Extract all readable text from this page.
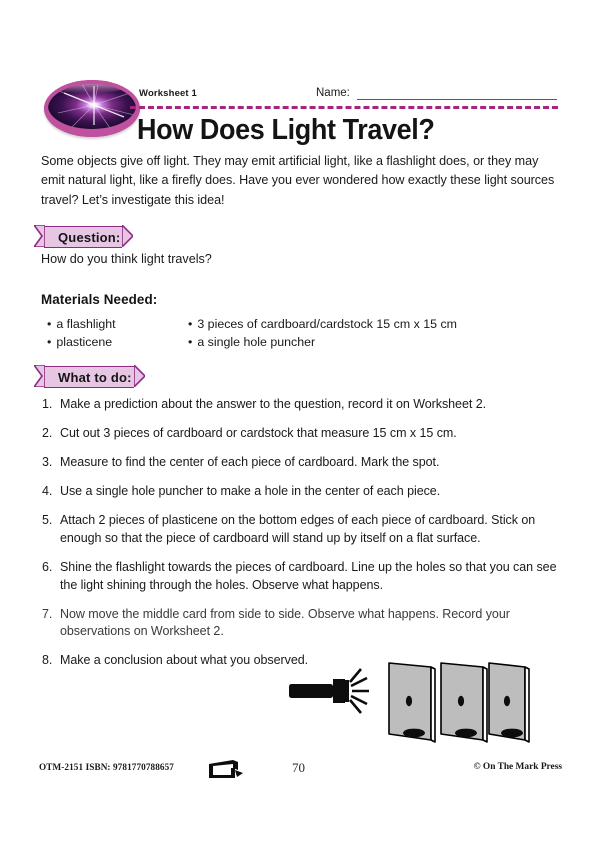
Worksheet 1	Name:
How Does Light Travel?
Some objects give off light. They may emit artificial light, like a flashlight does, or they may emit natural light, like a firefly does. Have you ever wondered how exactly these light sources travel? Let’s investigate this idea!
Question:
How do you think light travels?
Materials Needed:
• a flashlight
• plasticene
• 3 pieces of cardboard/cardstock 15 cm x 15 cm
• a single hole puncher
What to do:
1. Make a prediction about the answer to the question, record it on Worksheet 2.
2. Cut out 3 pieces of cardboard or cardstock that measure 15 cm x 15 cm.
3. Measure to find the center of each piece of cardboard. Mark the spot.
4. Use a single hole puncher to make a hole in the center of each piece.
5. Attach 2 pieces of plasticene on the bottom edges of each piece of cardboard. Stick on enough so that the piece of cardboard will stand up by itself on a flat surface.
6. Shine the flashlight towards the pieces of cardboard. Line up the holes so that you can see the light shining through the holes. Observe what happens.
7. Now move the middle card from side to side. Observe what happens. Record your observations on Worksheet 2.
8. Make a conclusion about what you observed.
OTM-2151 ISBN: 9781770788657	70	© On The Mark Press
